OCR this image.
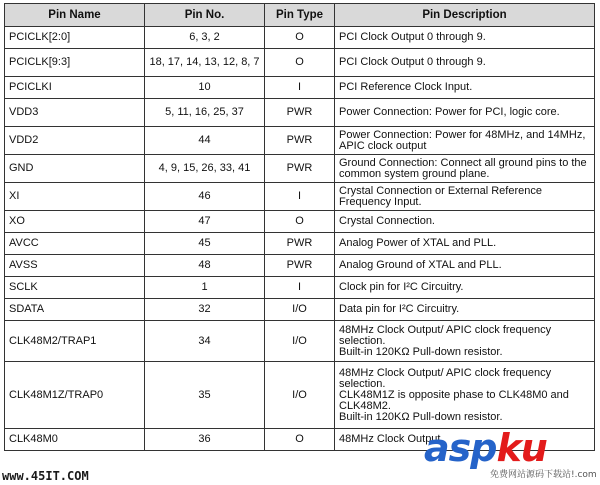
Pin Name	Pin No.	Pin Type	Pin Description
PCICLK[2:0]	6, 3, 2	O	PCI Clock Output 0 through 9.

PCICLK[9:3]	18, 17, 14, 13, 12, 8, 7	O	PCI Clock Output 0 through 9.

PCICLKI	10	I	PCI Reference Clock Input.

VDD3	5, 11, 16, 25, 37	PWR	Power Connection: Power for PCI, logic core.

VDD2	44	PWR	Power Connection: Power for 48MHz, and 14MHz, APIC clock output

GND	4, 9, 15, 26, 33, 41	PWR	Ground Connection: Connect all ground pins to the common system ground plane.

XI	46	I	Crystal Connection or External Reference Frequency Input.

XO	47	O	Crystal Connection.

AVCC	45	PWR	Analog Power of XTAL and PLL.

AVSS	48	PWR	Analog Ground of XTAL and PLL.

SCLK	1	I	Clock pin for I²C Circuitry.

SDATA	32	I/O	Data pin for I²C Circuitry.

CLK48M2/TRAP1	34	I/O	48MHz Clock Output/ APIC clock frequency selection.
Built-in 120KΩ Pull-down resistor.

CLK48M1Z/TRAP0	35	I/O	48MHz Clock Output/ APIC clock frequency selection.
CLK48M1Z is opposite phase to CLK48M0 and CLK48M2.
Built-in 120KΩ Pull-down resistor.

CLK48M0	36	O	48MHz Clock Output.
www.45IT.COM
aspku
免费网站源码下载站!.com
